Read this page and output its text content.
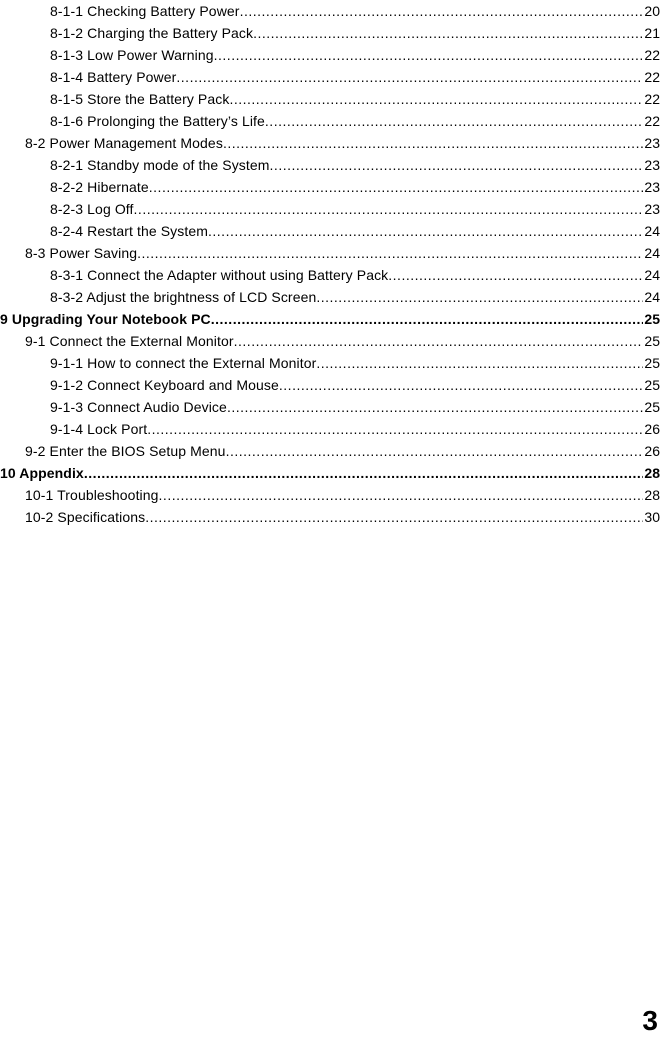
8-1-1 Checking Battery Power .....	20
8-1-2 Charging the Battery Pack .....	21
8-1-3 Low Power Warning .....	22
8-1-4 Battery Power .....	22
8-1-5 Store the Battery Pack .....	22
8-1-6 Prolonging the Battery’s Life .....	22
8-2 Power Management Modes .....	23
8-2-1 Standby mode of the System .....	23
8-2-2 Hibernate .....	23
8-2-3 Log Off .....	23
8-2-4 Restart the System .....	24
8-3 Power Saving .....	24
8-3-1 Connect the Adapter without using Battery Pack .....	24
8-3-2 Adjust the brightness of LCD Screen .....	24
9 Upgrading Your Notebook PC .....	25
9-1 Connect the External Monitor .....	25
9-1-1 How to connect the External Monitor .....	25
9-1-2 Connect Keyboard and Mouse .....	25
9-1-3 Connect Audio Device .....	25
9-1-4 Lock Port .....	26
9-2 Enter the BIOS Setup Menu .....	26
10 Appendix .....	28
10-1 Troubleshooting .....	28
10-2 Specifications .....	30
3
